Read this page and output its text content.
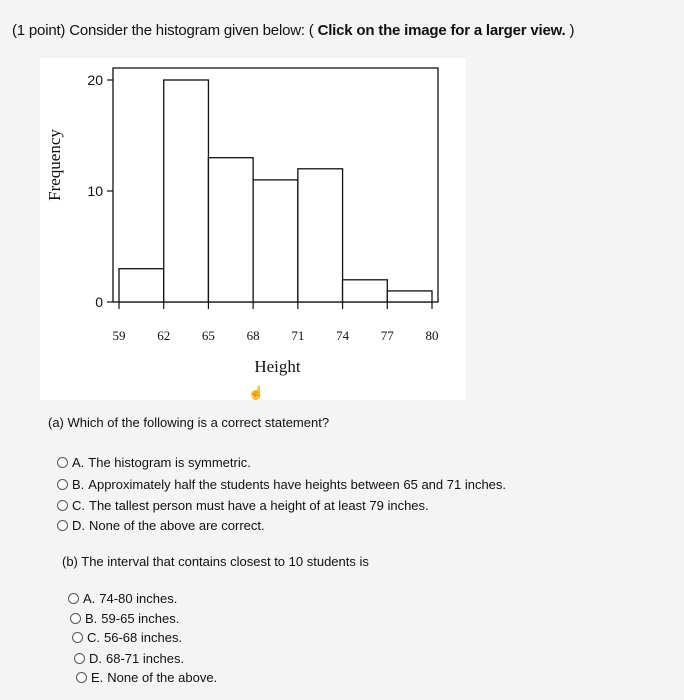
(1 point) Consider the histogram given below: ( Click on the image for a larger view. )
0
10
20
59 62 65 68 71 74 77 80
Height
Frequency
☝
(a) Which of the following is a correct statement?
A. The histogram is symmetric.
B. Approximately half the students have heights between 65 and 71 inches.
C. The tallest person must have a height of at least 79 inches.
D. None of the above are correct.
(b) The interval that contains closest to 10 students is
A. 74-80 inches.
B. 59-65 inches.
C. 56-68 inches.
D. 68-71 inches.
E. None of the above.
